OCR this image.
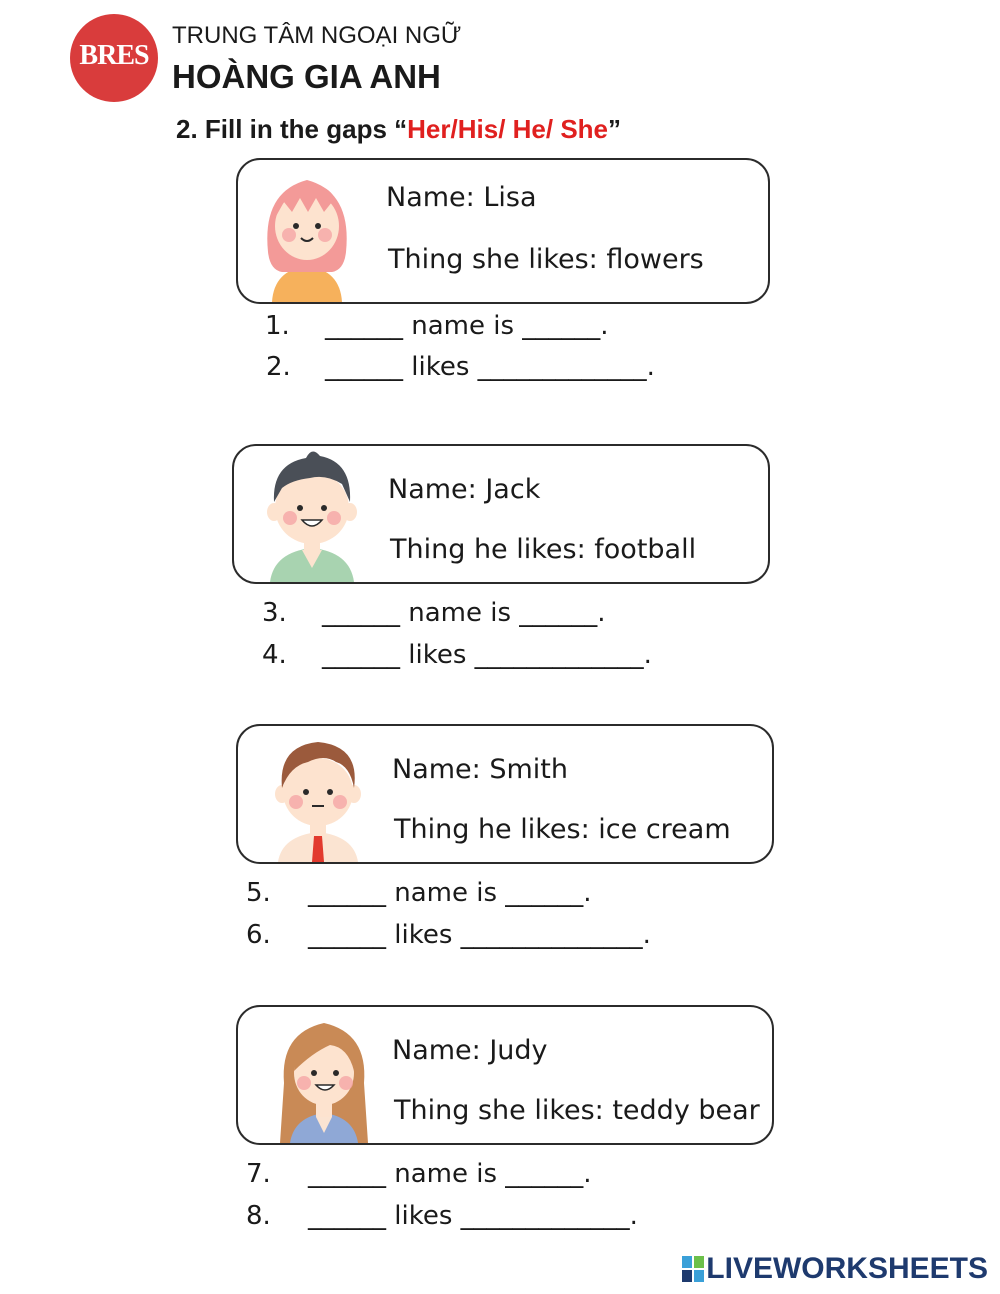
BRES
TRUNG TÂM NGOẠI NGỮ
HOÀNG GIA ANH
2. Fill in the gaps “Her/His/ He/ She”
Name: Lisa
Thing she likes: flowers
1. ______ name is ______.
2. ______ likes _____________.
Name: Jack
Thing he likes: football
3. ______ name is ______.
4. ______ likes _____________.
Name: Smith
Thing he likes: ice cream
5. ______ name is ______.
6. ______ likes ______________.
Name: Judy
Thing she likes: teddy bear
7. ______ name is ______.
8. ______ likes _____________.
LIVEWORKSHEETS
